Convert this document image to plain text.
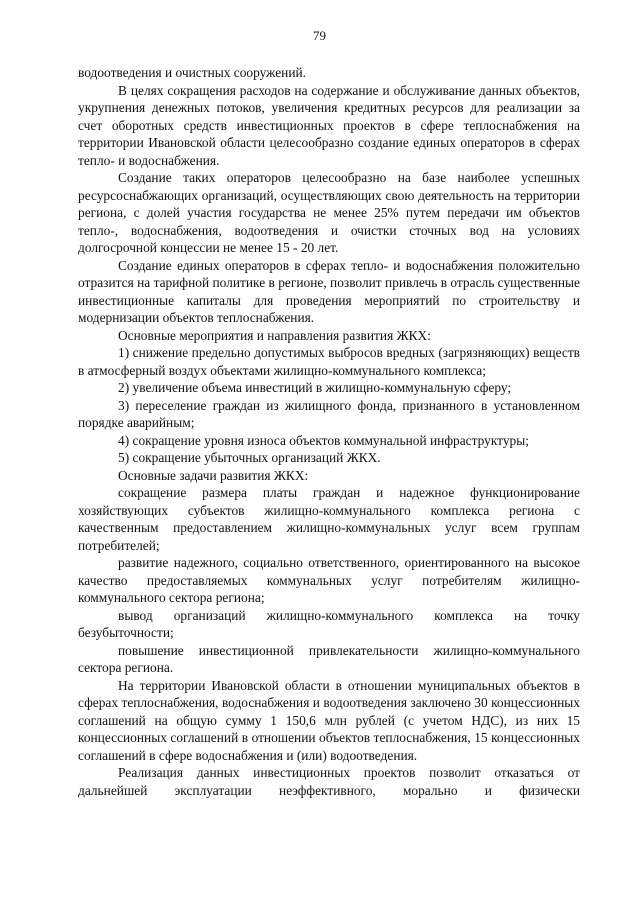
79

водоотведения и очистных сооружений.

В целях сокращения расходов на содержание и обслуживание данных объектов, укрупнения денежных потоков, увеличения кредитных ресурсов для реализации за счет оборотных средств инвестиционных проектов в сфере теплоснабжения на территории Ивановской области целесообразно создание единых операторов в сферах тепло- и водоснабжения.

Создание таких операторов целесообразно на базе наиболее успешных ресурсоснабжающих организаций, осуществляющих свою деятельность на территории региона, с долей участия государства не менее 25% путем передачи им объектов тепло-, водоснабжения, водоотведения и очистки сточных вод на условиях долгосрочной концессии не менее 15 - 20 лет.

Создание единых операторов в сферах тепло- и водоснабжения положительно отразится на тарифной политике в регионе, позволит привлечь в отрасль существенные инвестиционные капиталы для проведения мероприятий по строительству и модернизации объектов теплоснабжения.

Основные мероприятия и направления развития ЖКХ:

1) снижение предельно допустимых выбросов вредных (загрязняющих) веществ в атмосферный воздух объектами жилищно-коммунального комплекса;

2) увеличение объема инвестиций в жилищно-коммунальную сферу;

3) переселение граждан из жилищного фонда, признанного в установленном порядке аварийным;

4) сокращение уровня износа объектов коммунальной инфраструктуры;

5) сокращение убыточных организаций ЖКХ.

Основные задачи развития ЖКХ:

сокращение размера платы граждан и надежное функционирование хозяйствующих субъектов жилищно-коммунального комплекса региона с качественным предоставлением жилищно-коммунальных услуг всем группам потребителей;

развитие надежного, социально ответственного, ориентированного на высокое качество предоставляемых коммунальных услуг потребителям жилищно-коммунального сектора региона;

вывод организаций жилищно-коммунального комплекса на точку безубыточности;

повышение инвестиционной привлекательности жилищно-коммунального сектора региона.

На территории Ивановской области в отношении муниципальных объектов в сферах теплоснабжения, водоснабжения и водоотведения заключено 30 концессионных соглашений на общую сумму 1 150,6 млн рублей (с учетом НДС), из них 15 концессионных соглашений в отношении объектов теплоснабжения, 15 концессионных соглашений в сфере водоснабжения и (или) водоотведения.

Реализация данных инвестиционных проектов позволит отказаться от дальнейшей эксплуатации неэффективного, морально и физически
